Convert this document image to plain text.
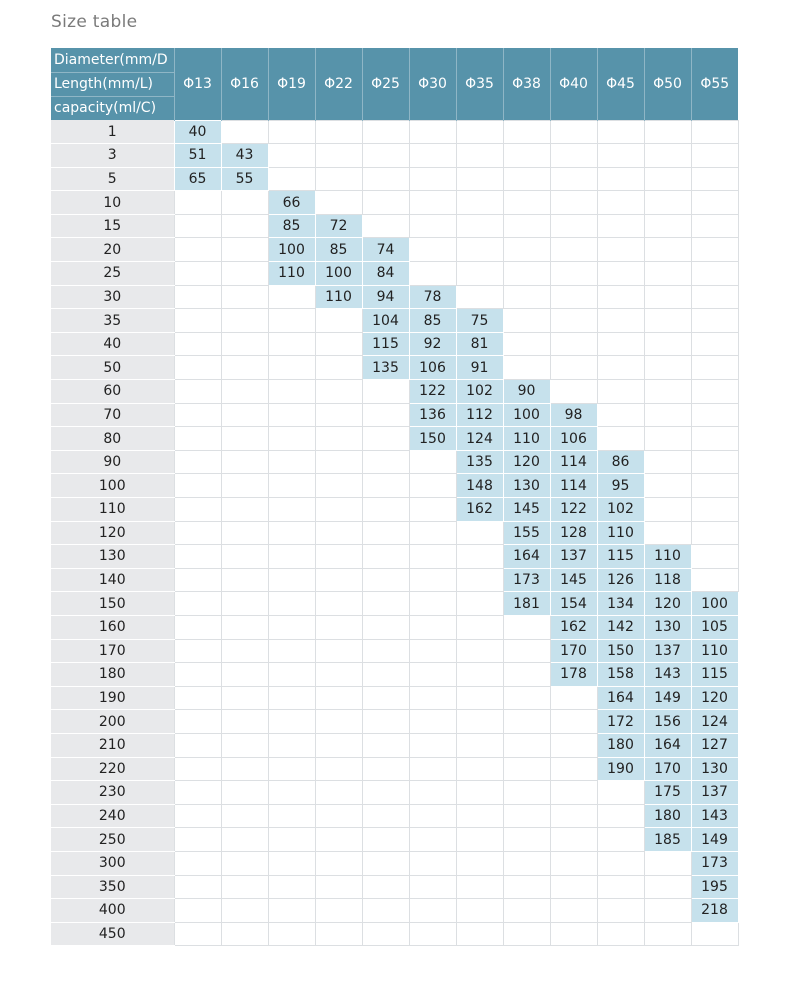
Size table
Diameter(mm/D	Φ13	Φ16	Φ19	Φ22	Φ25	Φ30	Φ35	Φ38	Φ40	Φ45	Φ50	Φ55
Length(mm/L)												
capacity(ml/C)												
1	40											
3	51	43										
5	65	55										
10			66									
15			85	72								
20			100	85	74							
25			110	100	84							
30				110	94	78						
35					104	85	75					
40					115	92	81					
50					135	106	91					
60						122	102	90				
70						136	112	100	98			
80						150	124	110	106			
90							135	120	114	86		
100							148	130	114	95		
110							162	145	122	102		
120								155	128	110		
130								164	137	115	110	
140								173	145	126	118	
150								181	154	134	120	100
160									162	142	130	105
170									170	150	137	110
180									178	158	143	115
190										164	149	120
200										172	156	124
210										180	164	127
220										190	170	130
230											175	137
240											180	143
250											185	149
300												173
350												195
400												218
450												
